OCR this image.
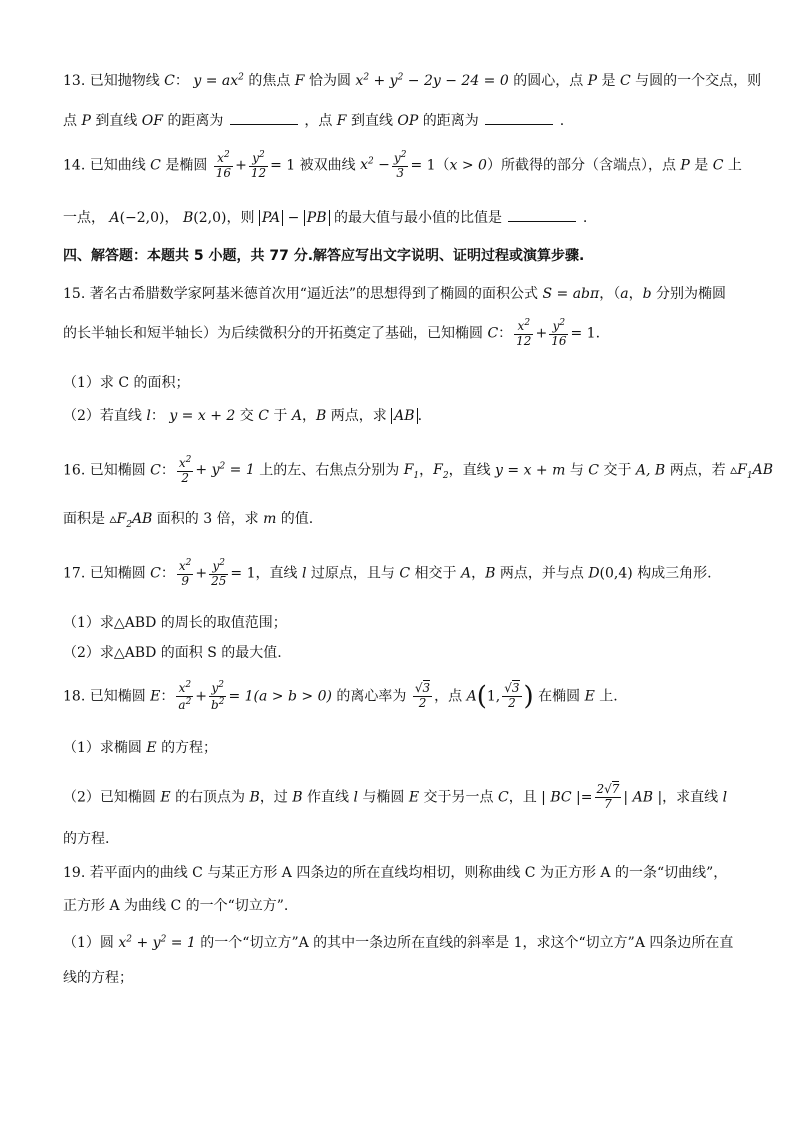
13. 已知抛物线 C： $y = ax^2$ 的焦点 F 恰为圆 $x^2 + y^2 - 2y - 24 = 0$ 的圆心，点 P 是 C 与圆的一个交点，则
点 P 到直线 OF 的距离为	，点 F 到直线 OP 的距离为	.
14. 已知曲线 C 是椭圆 $\frac{x^2}{16} + \frac{y^2}{12} = 1$ 被双曲线 $x^2 - \frac{y^2}{3} = 1(x > 0)$所截得的部分（含端点），点 P 是 C 上
一点， A(−2,0)， B(2,0)，则 PA − PB 的最大值与最小值的比值是	.
四、解答题：本题共 5 小题，共 77 分.解答应写出文字说明、证明过程或演算步骤.
15. 著名古希腊数学家阿基米德首次用“逼近法”的思想得到了椭圆的面积公式 S = abπ，（a，b 分别为椭圆
的长半轴长和短半轴长）为后续微积分的开拓奠定了基础，已知椭圆 C： $\frac{x^2}{12} + \frac{y^2}{16} = 1$.
（1）求 C 的面积；
（2）若直线 l： y = x + 2 交 C 于 A，B 两点，求 AB .
16. 已知椭圆 C： $\frac{x^2}{2} + y^2 = 1$ 上的左、右焦点分别为 $F_1$，$F_2$，直线 y = x + m 与 C 交于 A, B 两点，若 $▵F_1AB$
面积是 $▵F_2AB$ 面积的 3 倍，求 m 的值.
17. 已知椭圆 C： $\frac{x^2}{9} + \frac{y^2}{25} = 1$，直线 l 过原点，且与 C 相交于 A，B 两点，并与点 D(0,4) 构成三角形.
（1）求△ABD 的周长的取值范围；
（2）求△ABD 的面积 S 的最大值.
18. 已知椭圆 E： $\frac{x^2}{a^2} + \frac{y^2}{b^2} = 1(a > b > 0)$ 的离心率为 $\frac{√3}{2}$ ，点 A(1, $\frac{√3}{2}$ ) 在椭圆 E 上.
（1）求椭圆 E 的方程；
（2）已知椭圆 E 的右顶点为 B，过 B 作直线 l 与椭圆 E 交于另一点 C，且 | BC |= $\frac{2√7}{7}$ | AB |，求直线 l
的方程.
19. 若平面内的曲线 C 与某正方形 A 四条边的所在直线均相切，则称曲线 C 为正方形 A 的一条“切曲线”，
正方形 A 为曲线 C 的一个“切立方”.
（1）圆 $x^2 + y^2 = 1$ 的一个“切立方”A 的其中一条边所在直线的斜率是 1，求这个“切立方”A 四条边所在直
线的方程；
